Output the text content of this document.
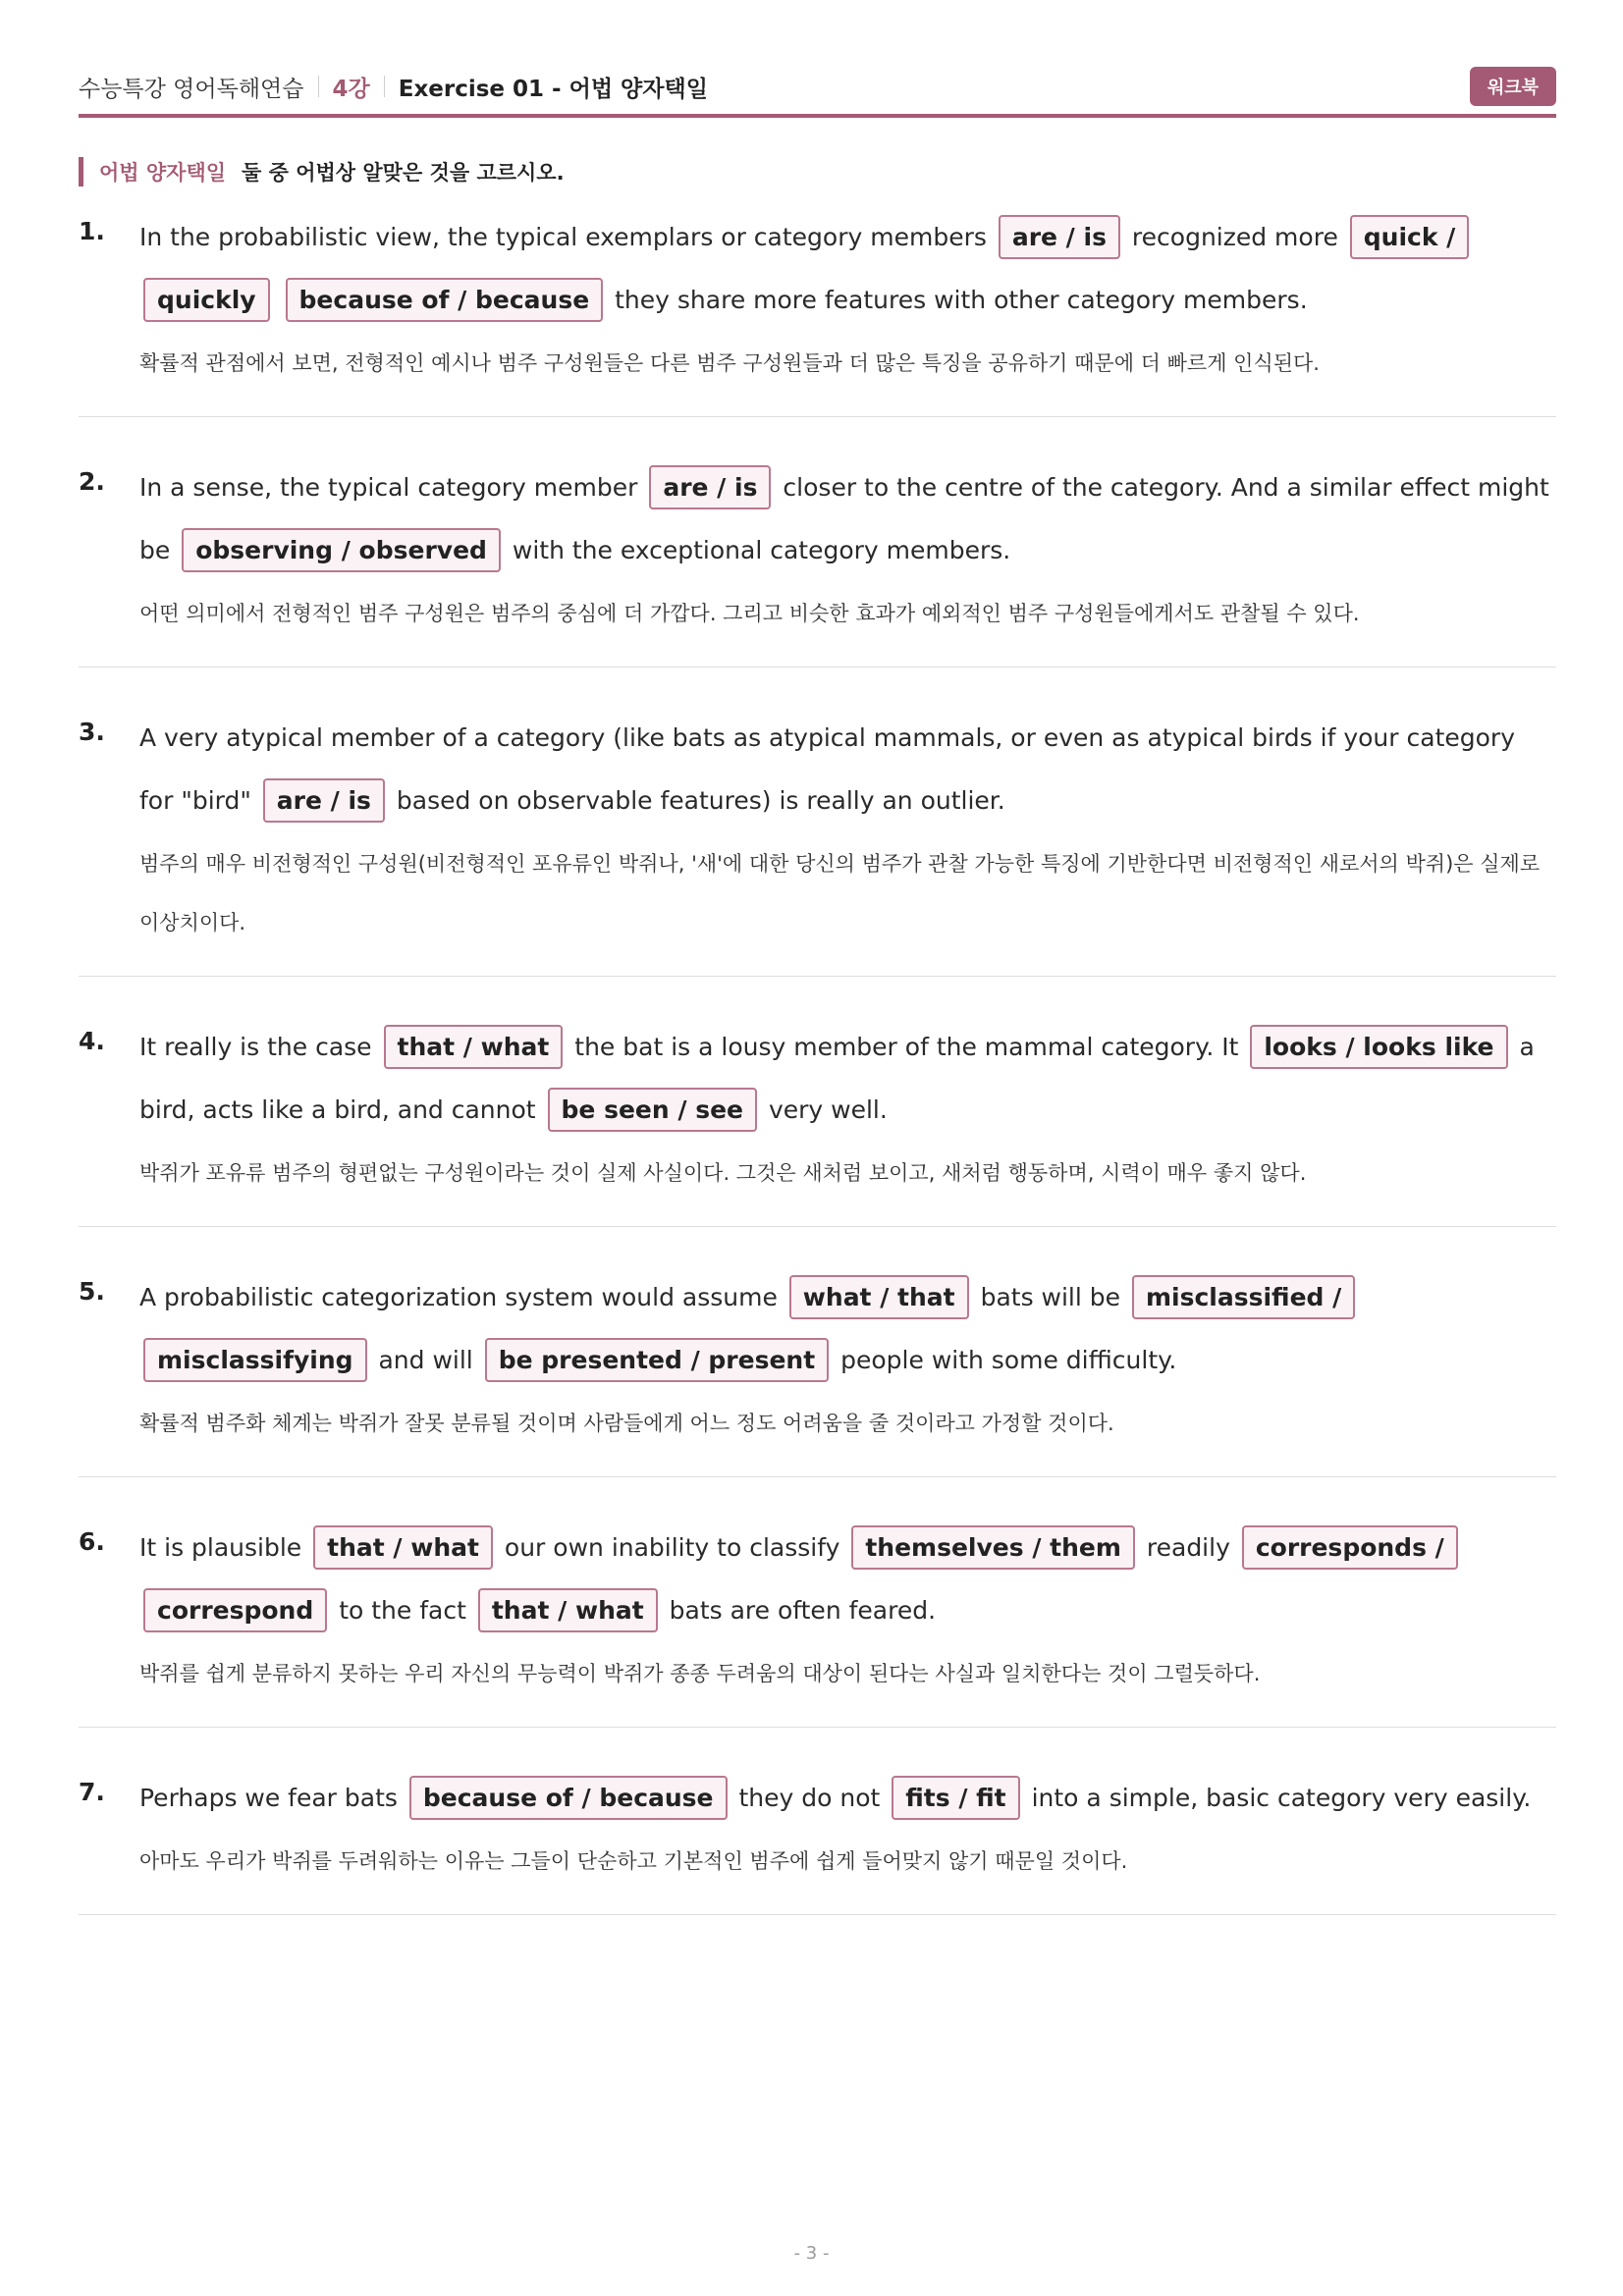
수능특강 영어독해연습 4강 Exercise 01 - 어법 양자택일	워크북
어법 양자택일 둘 중 어법상 알맞은 것을 고르시오.
1. In the probabilistic view, the typical exemplars or category members are / is recognized more quick / quickly because of / because they share more features with other category members.
확률적 관점에서 보면, 전형적인 예시나 범주 구성원들은 다른 범주 구성원들과 더 많은 특징을 공유하기 때문에 더 빠르게 인식된다.
2. In a sense, the typical category member are / is closer to the centre of the category. And a similar effect might be observing / observed with the exceptional category members.
어떤 의미에서 전형적인 범주 구성원은 범주의 중심에 더 가깝다. 그리고 비슷한 효과가 예외적인 범주 구성원들에게서도 관찰될 수 있다.
3. A very atypical member of a category (like bats as atypical mammals, or even as atypical birds if your category for "bird" are / is based on observable features) is really an outlier.
범주의 매우 비전형적인 구성원(비전형적인 포유류인 박쥐나, '새'에 대한 당신의 범주가 관찰 가능한 특징에 기반한다면 비전형적인 새로서의 박쥐)은 실제로 이상치이다.
4. It really is the case that / what the bat is a lousy member of the mammal category. It looks / looks like a bird, acts like a bird, and cannot be seen / see very well.
박쥐가 포유류 범주의 형편없는 구성원이라는 것이 실제 사실이다. 그것은 새처럼 보이고, 새처럼 행동하며, 시력이 매우 좋지 않다.
5. A probabilistic categorization system would assume what / that bats will be misclassified / misclassifying and will be presented / present people with some difficulty.
확률적 범주화 체계는 박쥐가 잘못 분류될 것이며 사람들에게 어느 정도 어려움을 줄 것이라고 가정할 것이다.
6. It is plausible that / what our own inability to classify themselves / them readily corresponds / correspond to the fact that / what bats are often feared.
박쥐를 쉽게 분류하지 못하는 우리 자신의 무능력이 박쥐가 종종 두려움의 대상이 된다는 사실과 일치한다는 것이 그럴듯하다.
7. Perhaps we fear bats because of / because they do not fits / fit into a simple, basic category very easily.
아마도 우리가 박쥐를 두려워하는 이유는 그들이 단순하고 기본적인 범주에 쉽게 들어맞지 않기 때문일 것이다.
- 3 -
